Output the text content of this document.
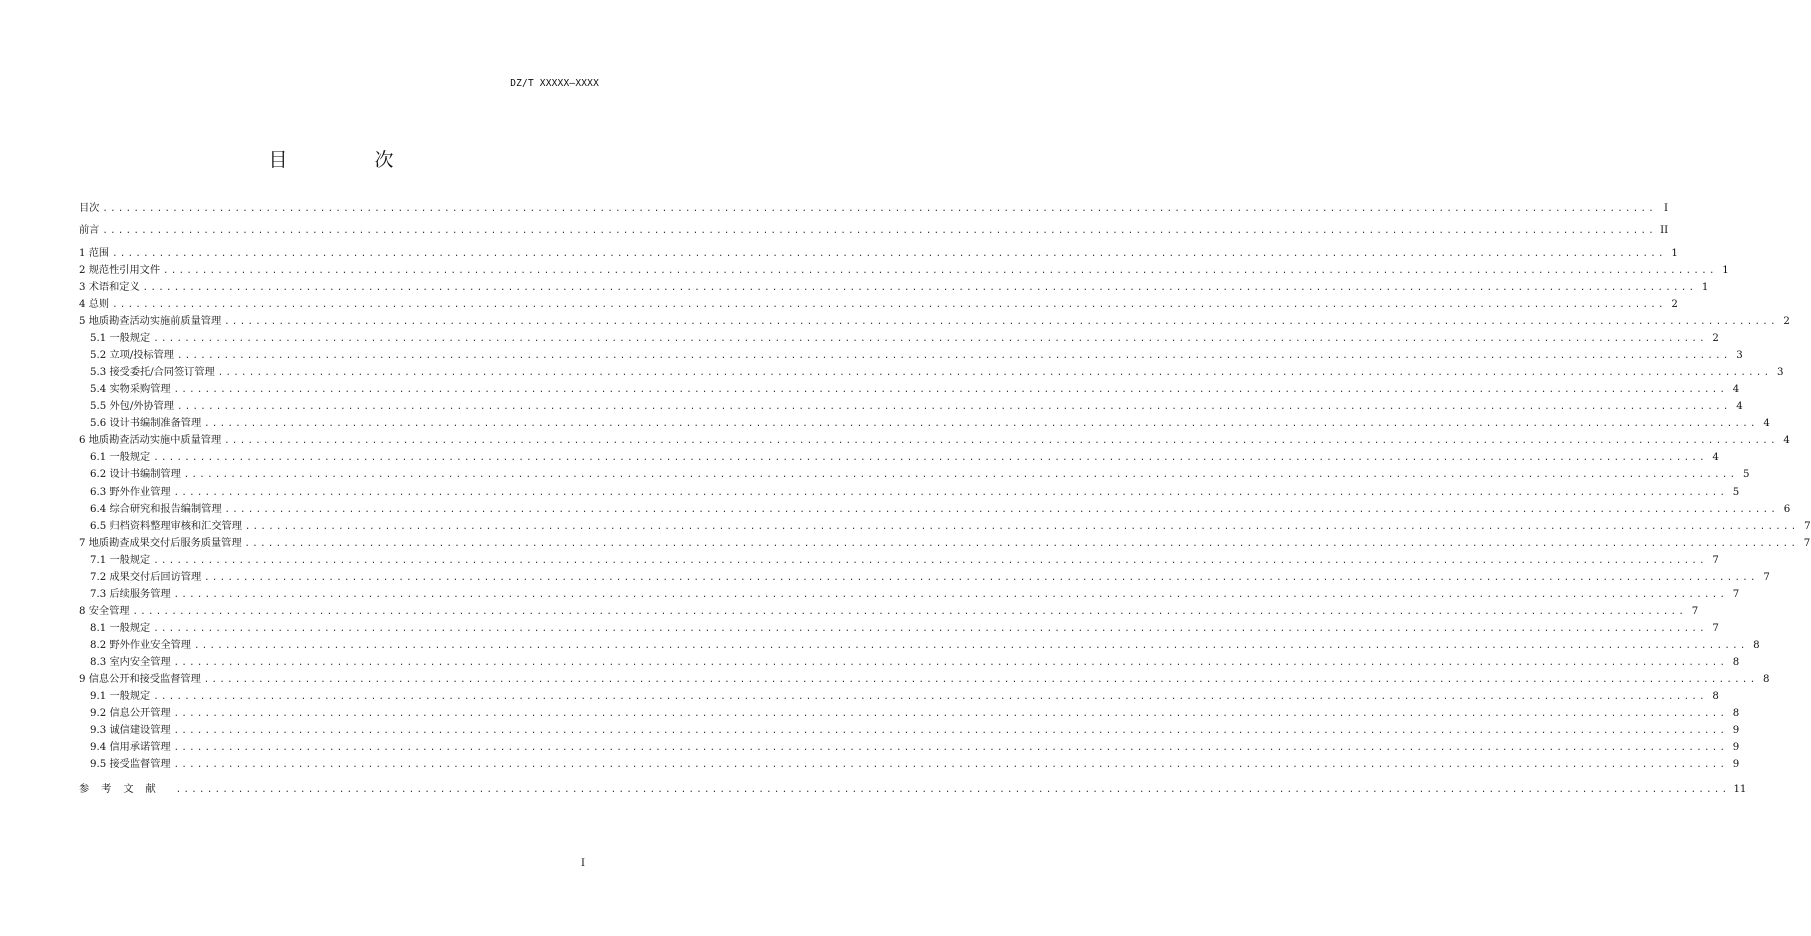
DZ/T XXXXX—XXXX
目　次
目次 ........................................................................................................................................................................................................ I
前言 ........................................................................................................................................................................................................ II
1 范围 ........................................................................................................................................................................................................ 1
2 规范性引用文件 ........................................................................................................................................................................................................ 1
3 术语和定义 ........................................................................................................................................................................................................ 1
4 总则 ........................................................................................................................................................................................................ 2
5 地质勘查活动实施前质量管理 ........................................................................................................................................................................................................ 2
5.1 一般规定 ........................................................................................................................................................................................................ 2
5.2 立项/投标管理 ........................................................................................................................................................................................................ 3
5.3 接受委托/合同签订管理 ........................................................................................................................................................................................................ 3
5.4 实物采购管理 ........................................................................................................................................................................................................ 4
5.5 外包/外协管理 ........................................................................................................................................................................................................ 4
5.6 设计书编制准备管理 ........................................................................................................................................................................................................ 4
6 地质勘查活动实施中质量管理 ........................................................................................................................................................................................................ 4
6.1 一般规定 ........................................................................................................................................................................................................ 4
6.2 设计书编制管理 ........................................................................................................................................................................................................ 5
6.3 野外作业管理 ........................................................................................................................................................................................................ 5
6.4 综合研究和报告编制管理 ........................................................................................................................................................................................................ 6
6.5 归档资料整理审核和汇交管理 ........................................................................................................................................................................................................ 7
7 地质勘查成果交付后服务质量管理 ........................................................................................................................................................................................................ 7
7.1 一般规定 ........................................................................................................................................................................................................ 7
7.2 成果交付后回访管理 ........................................................................................................................................................................................................ 7
7.3 后续服务管理 ........................................................................................................................................................................................................ 7
8 安全管理 ........................................................................................................................................................................................................ 7
8.1 一般规定 ........................................................................................................................................................................................................ 7
8.2 野外作业安全管理 ........................................................................................................................................................................................................ 8
8.3 室内安全管理 ........................................................................................................................................................................................................ 8
9 信息公开和接受监督管理 ........................................................................................................................................................................................................ 8
9.1 一般规定 ........................................................................................................................................................................................................ 8
9.2 信息公开管理 ........................................................................................................................................................................................................ 8
9.3 诚信建设管理 ........................................................................................................................................................................................................ 9
9.4 信用承诺管理 ........................................................................................................................................................................................................ 9
9.5 接受监督管理 ........................................................................................................................................................................................................ 9
参考文献 ........................................................................................................................................................................................................ 11
I
